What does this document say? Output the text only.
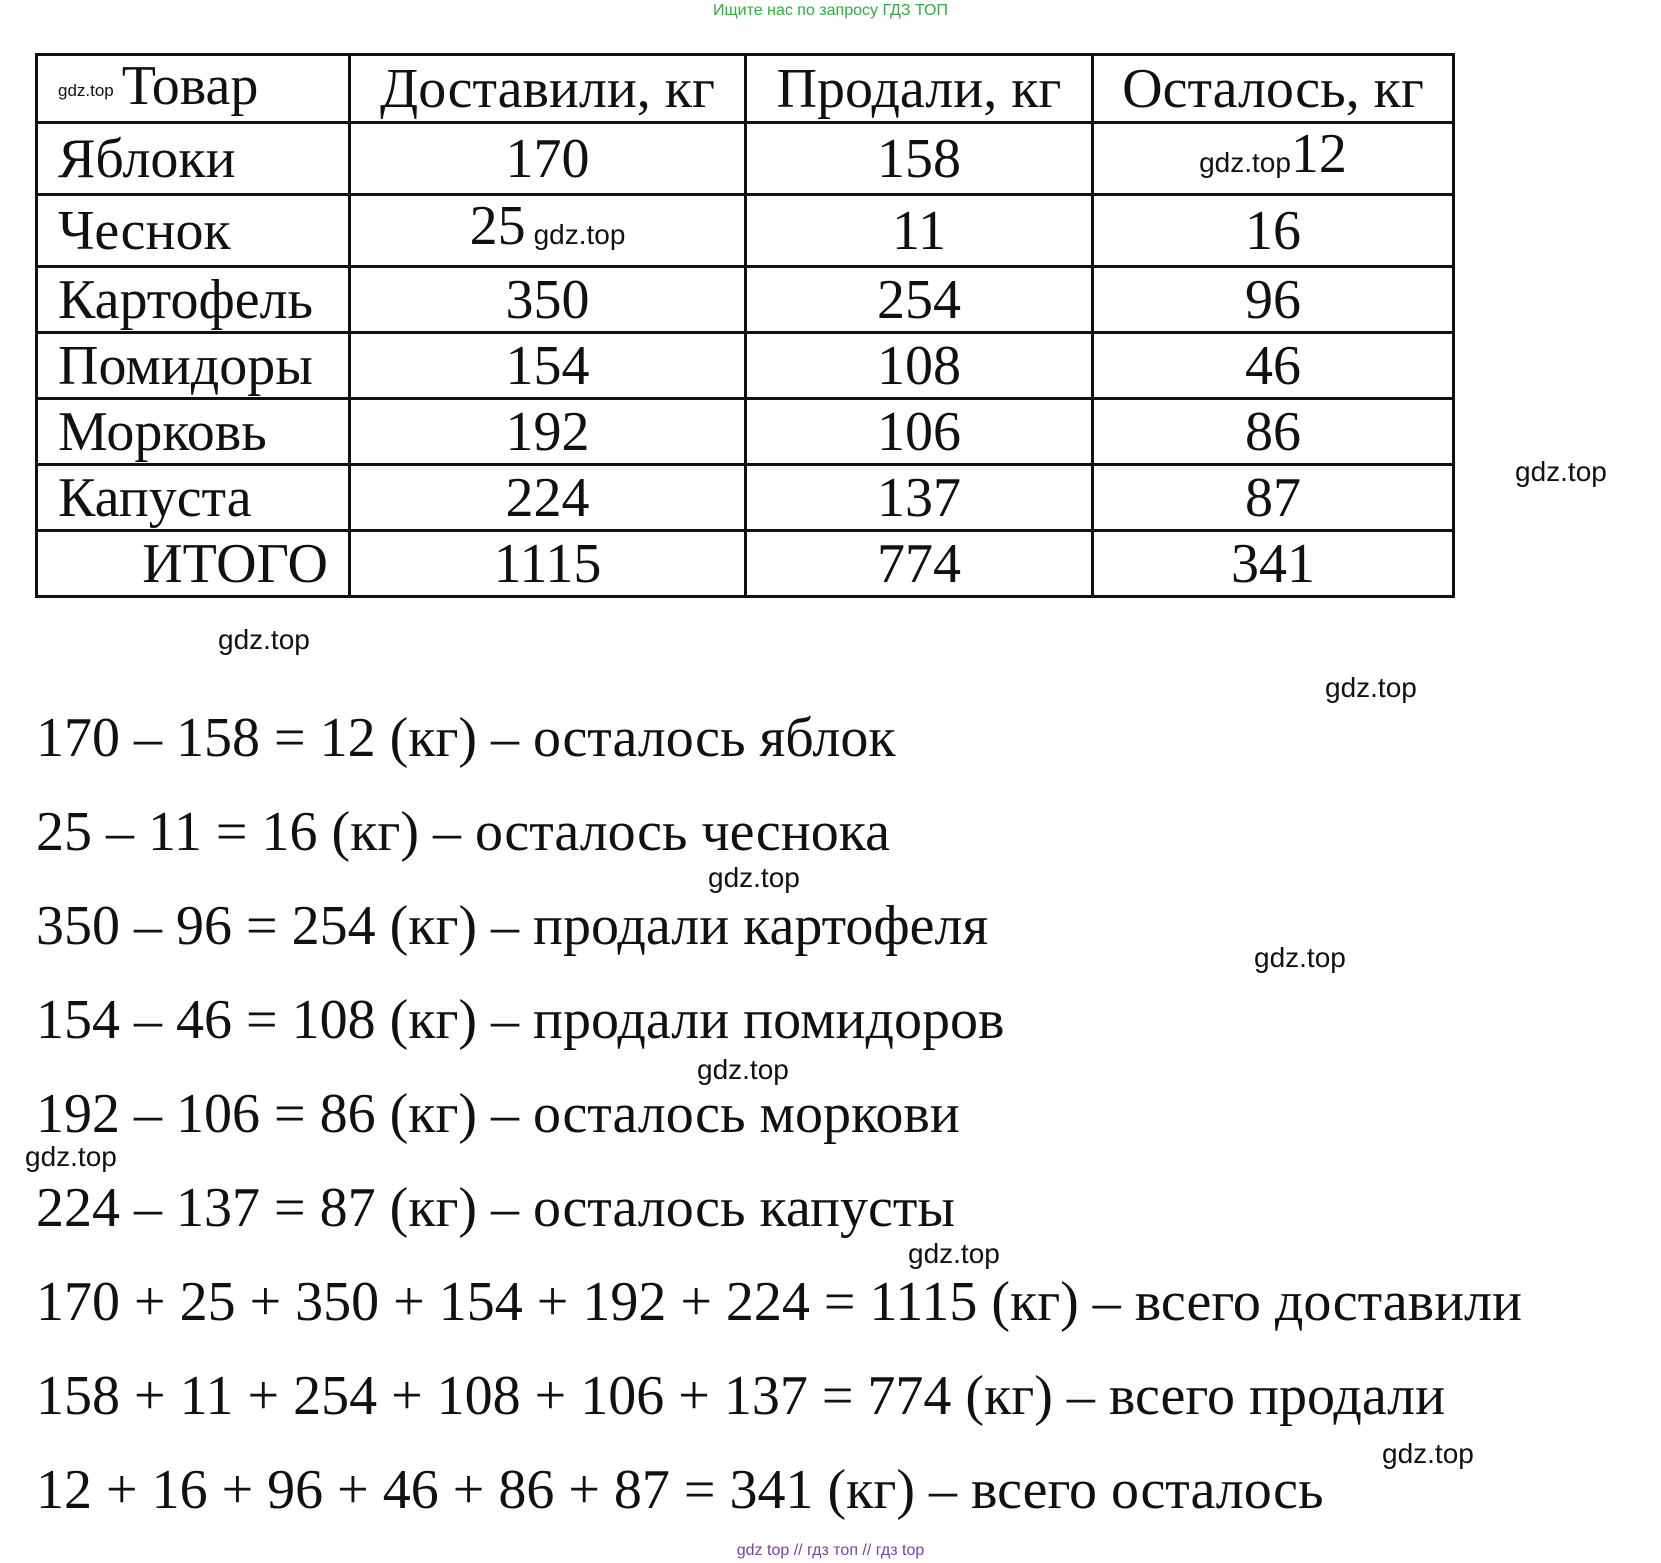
Ищите нас по запросу ГДЗ ТОП
gdz.top Товар	Доставили, кг	Продали, кг	Осталось, кг
Яблоки	170	158	gdz.top12
Чеснок	25 gdz.top	11	16
Картофель	350	254	96
Помидоры	154	108	46
Морковь	192	106	86
Капуста	224	137	87
ИТОГО	1115	774	341
gdz.top
gdz.top
gdz.top
gdz.top
gdz.top
gdz.top
gdz.top
gdz.top
gdz.top
170 – 158 = 12 (кг) – осталось яблок
25 – 11 = 16 (кг) – осталось чеснока
350 – 96 = 254 (кг) – продали картофеля
154 – 46 = 108 (кг) – продали помидоров
192 – 106 = 86 (кг) – осталось моркови
224 – 137 = 87 (кг) – осталось капусты
170 + 25 + 350 + 154 + 192 + 224 = 1115 (кг) – всего доставили
158 + 11 + 254 + 108 + 106 + 137 = 774 (кг) – всего продали
12 + 16 + 96 + 46 + 86 + 87 = 341 (кг) – всего осталось
gdz top // гдз топ // гдз top
